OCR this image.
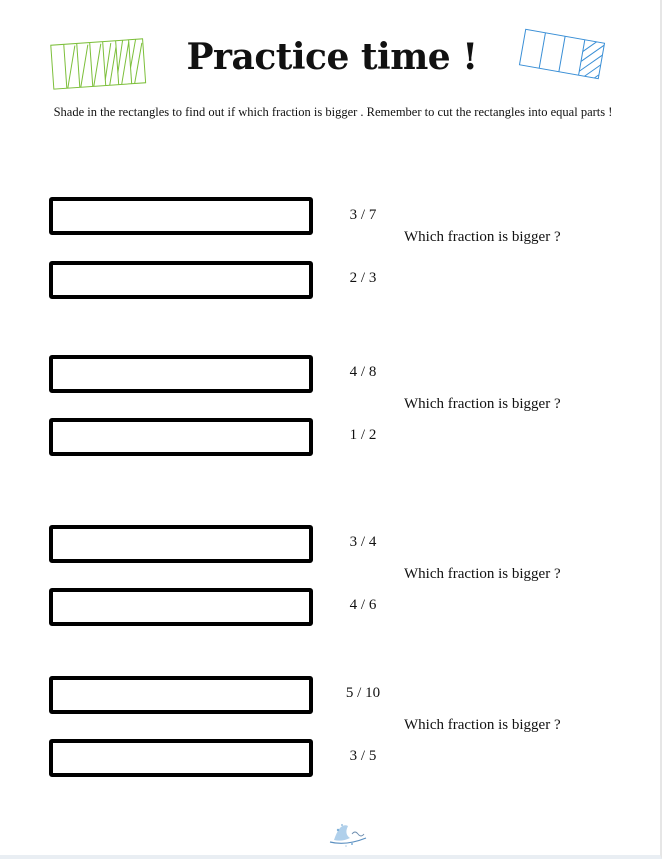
Practice time !
Shade in the rectangles to find out if which fraction is bigger . Remember to cut the rectangles into equal parts !
3 / 7
Which fraction is bigger ?
2 / 3
4 / 8
Which fraction is bigger ?
1 / 2
3 / 4
Which fraction is bigger ?
4 / 6
5 / 10
Which fraction is bigger ?
3 / 5
